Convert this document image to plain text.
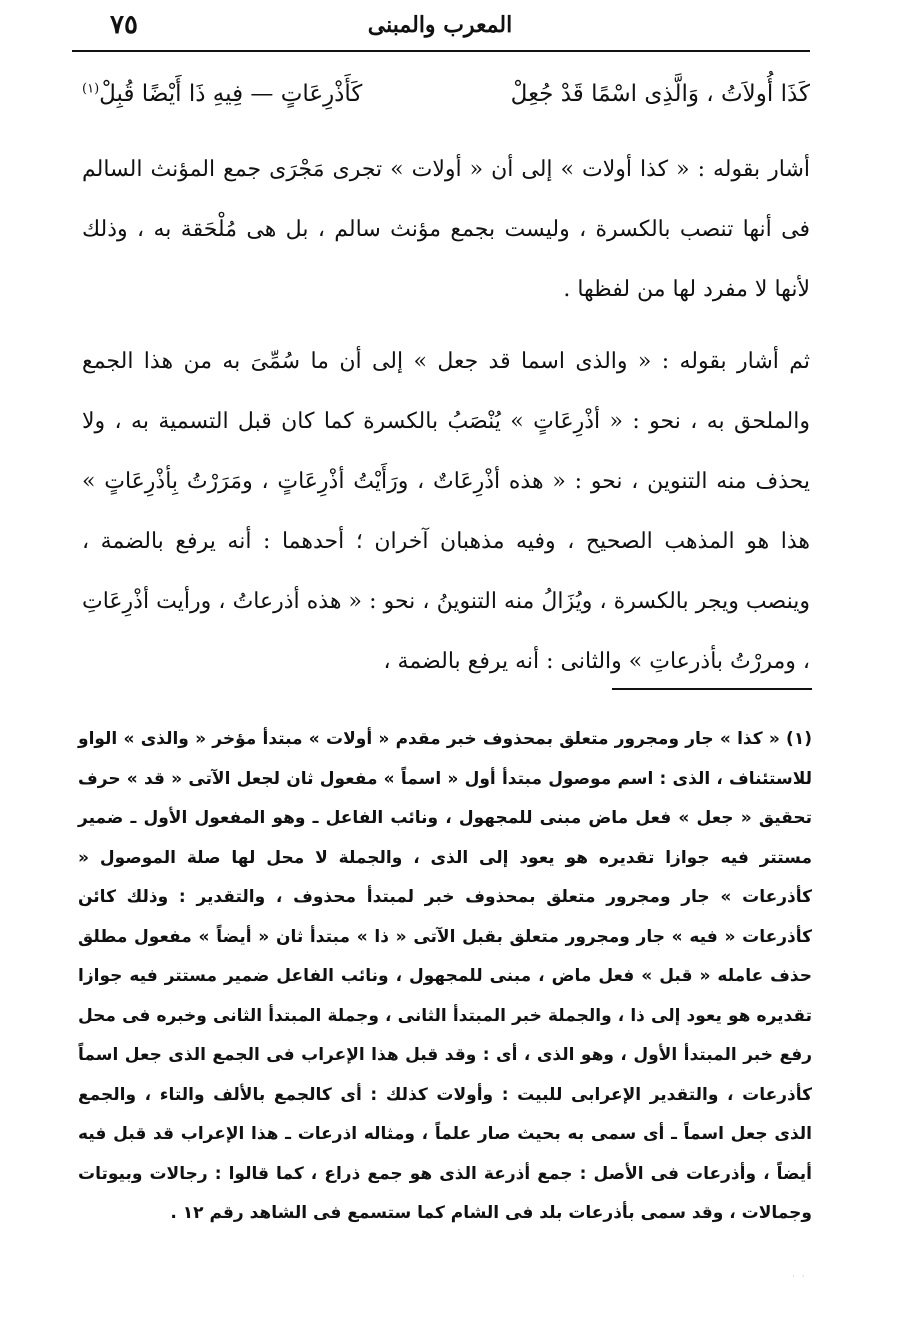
٧٥	المعرب والمبنى
كَذَا أُولاَتُ ، وَالَّذِى اسْمًا قَدْ جُعِلْ
كَأَذْرِعَاتٍ — فِيهِ ذَا أَيْضًا قُبِلْ$^{(١)}$

أشار بقوله : « كذا أولات » إلى أن « أولات » تجرى مَجْرَى جمع المؤنث السالم فى أنها تنصب بالكسرة ، وليست بجمع مؤنث سالم ، بل هى مُلْحَقة به ، وذلك لأنها لا مفرد لها من لفظها .

ثم أشار بقوله : « والذى اسما قد جعل » إلى أن ما سُمِّىَ به من هذا الجمع والملحق به ، نحو : « أذْرِعَاتٍ » يُنْصَبُ بالكسرة كما كان قبل التسمية به ، ولا يحذف منه التنوين ، نحو : « هذه أذْرِعَاتٌ ، ورَأَيْتُ أذْرِعَاتٍ ، ومَرَرْتُ بِأذْرِعَاتٍ » هذا هو المذهب الصحيح ، وفيه مذهبان آخران ؛ أحدهما : أنه يرفع بالضمة ، وينصب ويجر بالكسرة ، ويُزَالُ منه التنوينُ ، نحو : « هذه أذرعاتُ ، ورأيت أذْرِعَاتِ ، ومررْتُ بأذرعاتِ » والثانى : أنه يرفع بالضمة ،

(١) « كذا » جار ومجرور متعلق بمحذوف خبر مقدم « أولات » مبتدأ مؤخر « والذى » الواو للاستئناف ، الذى : اسم موصول مبتدأ أول « اسماً » مفعول ثان لجعل الآتى « قد » حرف تحقيق « جعل » فعل ماض مبنى للمجهول ، ونائب الفاعل ـ وهو المفعول الأول ـ ضمير مستتر فيه جوازا تقديره هو يعود إلى الذى ، والجملة لا محل لها صلة الموصول « كأذرعات » جار ومجرور متعلق بمحذوف خبر لمبتدأ محذوف ، والتقدير : وذلك كائن كأذرعات « فيه » جار ومجرور متعلق بقبل الآتى « ذا » مبتدأ ثان « أيضاً » مفعول مطلق حذف عامله « قبل » فعل ماض ، مبنى للمجهول ، ونائب الفاعل ضمير مستتر فيه جوازا تقديره هو يعود إلى ذا ، والجملة خبر المبتدأ الثانى ، وجملة المبتدأ الثانى وخبره فى محل رفع خبر المبتدأ الأول ، وهو الذى ، أى : وقد قبل هذا الإعراب فى الجمع الذى جعل اسماً كأذرعات ، والتقدير الإعرابى للبيت : وأولات كذلك : أى كالجمع بالألف والتاء ، والجمع الذى جعل اسماً ـ أى سمى به بحيث صار علماً ، ومثاله اذرعات ـ هذا الإعراب قد قبل فيه أيضاً ، وأذرعات فى الأصل : جمع أذرعة الذى هو جمع ذراع ، كما قالوا : رجالات وبيوتات وجمالات ، وقد سمى بأذرعات بلد فى الشام كما ستسمع فى الشاهد رقم ١٢ .

· ·
